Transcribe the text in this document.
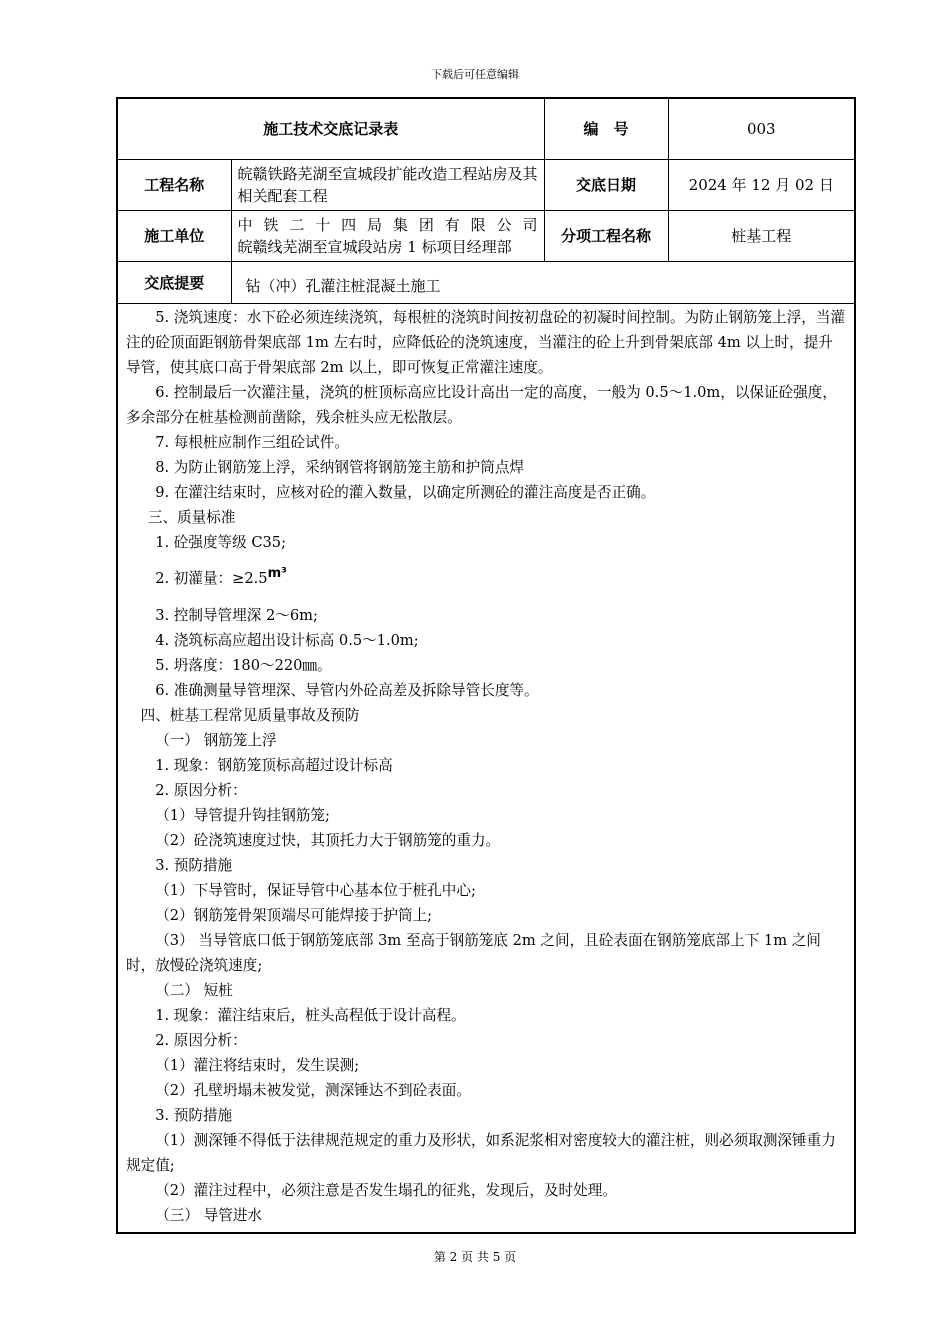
下载后可任意编辑
施工技术交底记录表		编　号	003
工程名称	皖赣铁路芜湖至宣城段扩能改造工程站房及其相关配套工程	交底日期	2024 年 12 月 02 日
施工单位	中铁二十四局集团有限公司
皖赣线芜湖至宣城段站房 1 标项目经理部	分项工程名称	桩基工程
交底提要	钻（冲）孔灌注桩混凝土施工		

5. 浇筑速度：水下砼必须连续浇筑，每根桩的浇筑时间按初盘砼的初凝时间控制。为防止钢筋笼上浮，当灌注的砼顶面距钢筋骨架底部 1m 左右时，应降低砼的浇筑速度，当灌注的砼上升到骨架底部 4m 以上时，提升导管，使其底口高于骨架底部 2m 以上，即可恢复正常灌注速度。

6. 控制最后一次灌注量，浇筑的桩顶标高应比设计高出一定的高度，一般为 0.5～1.0m，以保证砼强度，多余部分在桩基检测前凿除，残余桩头应无松散层。

7. 每根桩应制作三组砼试件。

8. 为防止钢筋笼上浮，采纳钢管将钢筋笼主筋和护筒点焊

9. 在灌注结束时，应核对砼的灌入数量，以确定所测砼的灌注高度是否正确。

三、质量标准

1. 砼强度等级 C35;

2. 初灌量：≥2.5m³

3. 控制导管埋深 2～6m;

4. 浇筑标高应超出设计标高 0.5～1.0m;

5. 坍落度：180～220㎜。

6. 准确测量导管埋深、导管内外砼高差及拆除导管长度等。

四、桩基工程常见质量事故及预防

（一） 钢筋笼上浮

1. 现象：钢筋笼顶标高超过设计标高

2. 原因分析：

（1）导管提升钩挂钢筋笼;

（2）砼浇筑速度过快，其顶托力大于钢筋笼的重力。

3. 预防措施

（1）下导管时，保证导管中心基本位于桩孔中心;

（2）钢筋笼骨架顶端尽可能焊接于护筒上;

（3） 当导管底口低于钢筋笼底部 3m 至高于钢筋笼底 2m 之间，且砼表面在钢筋笼底部上下 1m 之间时，放慢砼浇筑速度;

（二） 短桩

1. 现象：灌注结束后，桩头高程低于设计高程。

2. 原因分析：

（1）灌注将结束时，发生误测;

（2）孔壁坍塌未被发觉，测深锤达不到砼表面。

3. 预防措施

（1）测深锤不得低于法律规范规定的重力及形状，如系泥浆相对密度较大的灌注桩，则必须取测深锤重力规定值;

（2）灌注过程中，必须注意是否发生塌孔的征兆，发现后，及时处理。

（三） 导管进水

第 2 页 共 5 页
